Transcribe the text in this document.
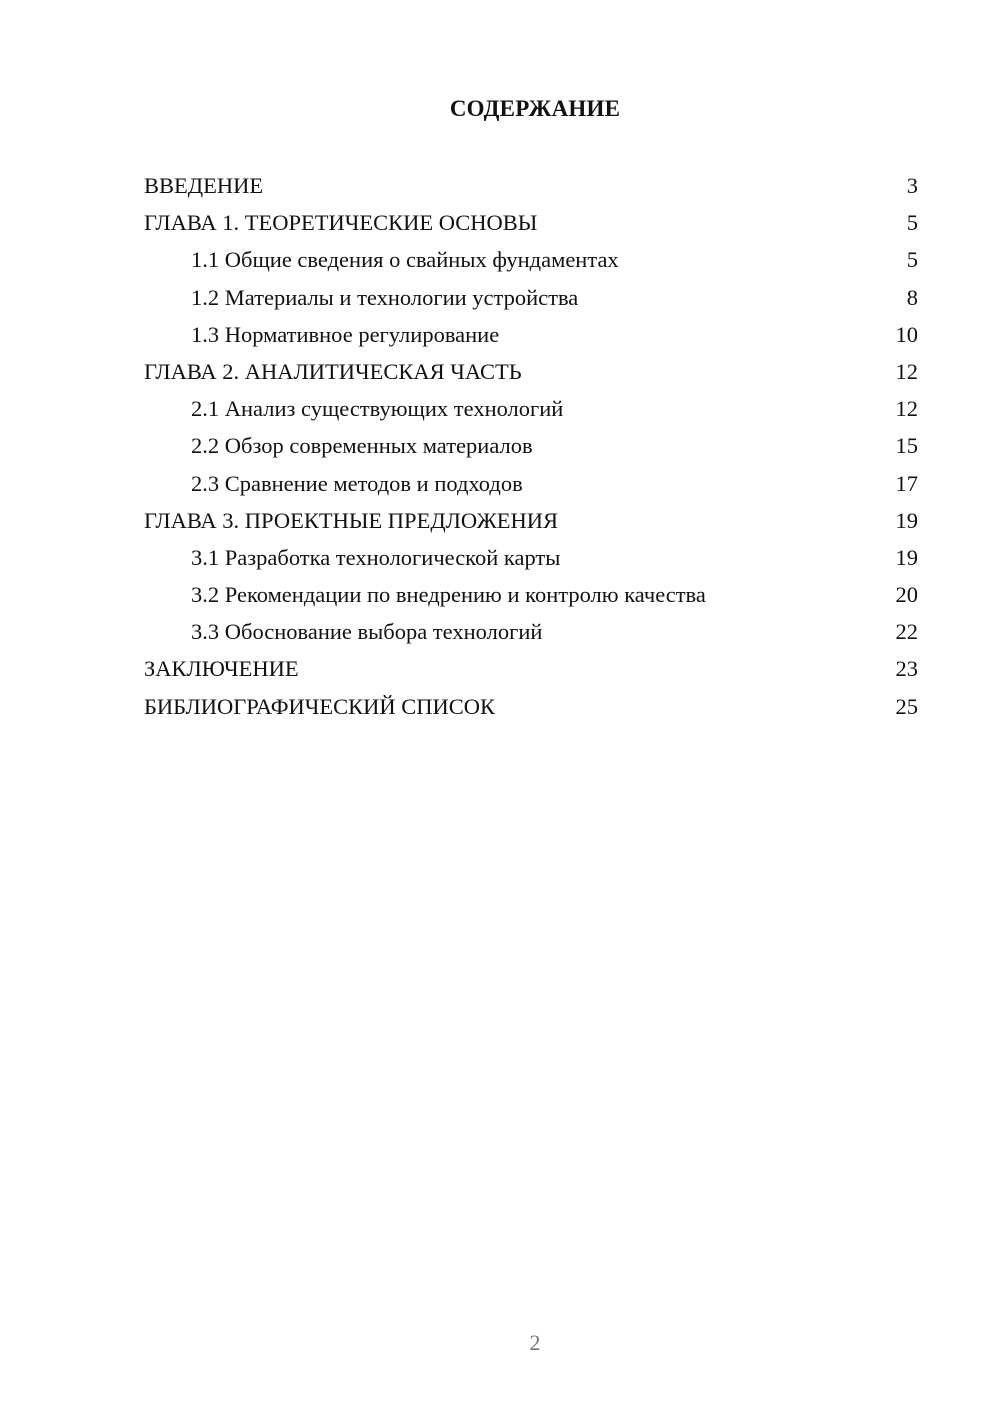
СОДЕРЖАНИЕ
ВВЕДЕНИЕ	3
ГЛАВА 1. ТЕОРЕТИЧЕСКИЕ ОСНОВЫ	5
1.1 Общие сведения о свайных фундаментах	5
1.2 Материалы и технологии устройства	8
1.3 Нормативное регулирование	10
ГЛАВА 2. АНАЛИТИЧЕСКАЯ ЧАСТЬ	12
2.1 Анализ существующих технологий	12
2.2 Обзор современных материалов	15
2.3 Сравнение методов и подходов	17
ГЛАВА 3. ПРОЕКТНЫЕ ПРЕДЛОЖЕНИЯ	19
3.1 Разработка технологической карты	19
3.2 Рекомендации по внедрению и контролю качества	20
3.3 Обоснование выбора технологий	22
ЗАКЛЮЧЕНИЕ	23
БИБЛИОГРАФИЧЕСКИЙ СПИСОК	25
2
